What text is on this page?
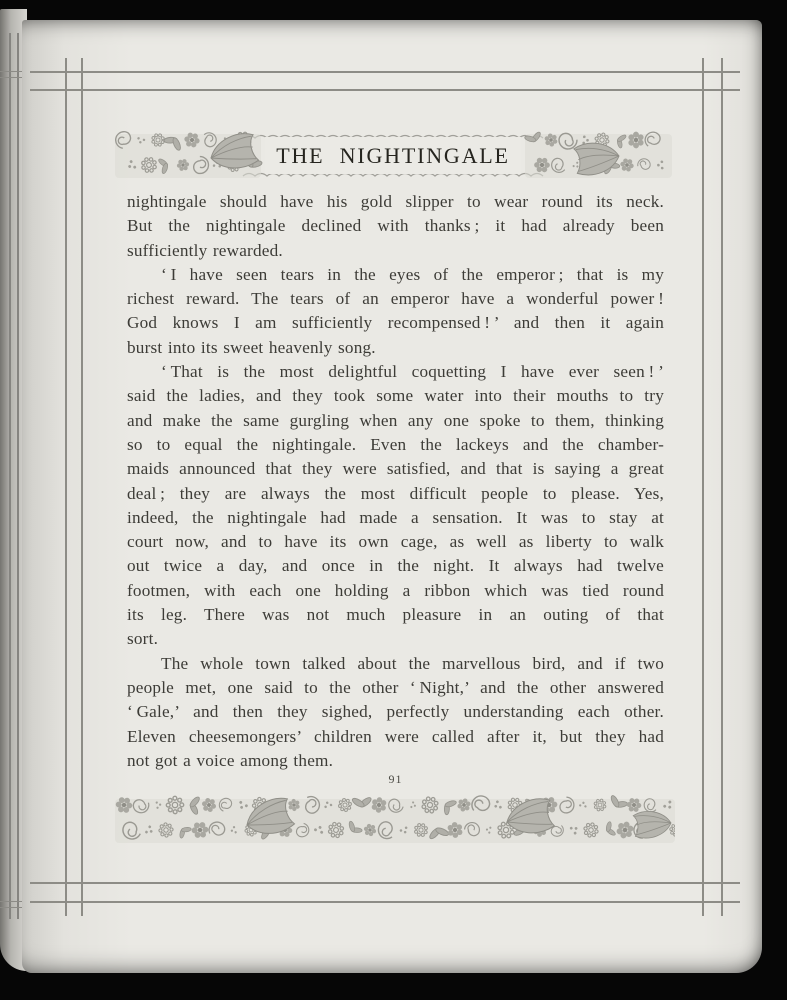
THE NIGHTINGALE
nightingale should have his gold slipper to wear round its neck.
But the nightingale declined with thanks ; it had already been
sufficiently rewarded.
‘ I have seen tears in the eyes of the emperor ; that is my
richest reward. The tears of an emperor have a wonderful power !
God knows I am sufficiently recompensed ! ’ and then it again
burst into its sweet heavenly song.
‘ That is the most delightful coquetting I have ever seen ! ’
said the ladies, and they took some water into their mouths to try
and make the same gurgling when any one spoke to them, thinking
so to equal the nightingale. Even the lackeys and the chamber-
maids announced that they were satisfied, and that is saying a great
deal ; they are always the most difficult people to please. Yes,
indeed, the nightingale had made a sensation. It was to stay at
court now, and to have its own cage, as well as liberty to walk
out twice a day, and once in the night. It always had twelve
footmen, with each one holding a ribbon which was tied round
its leg. There was not much pleasure in an outing of that
sort.
The whole town talked about the marvellous bird, and if two
people met, one said to the other ‘ Night,’ and the other answered
‘ Gale,’ and then they sighed, perfectly understanding each other.
Eleven cheesemongers’ children were called after it, but they had
not got a voice among them.
91
